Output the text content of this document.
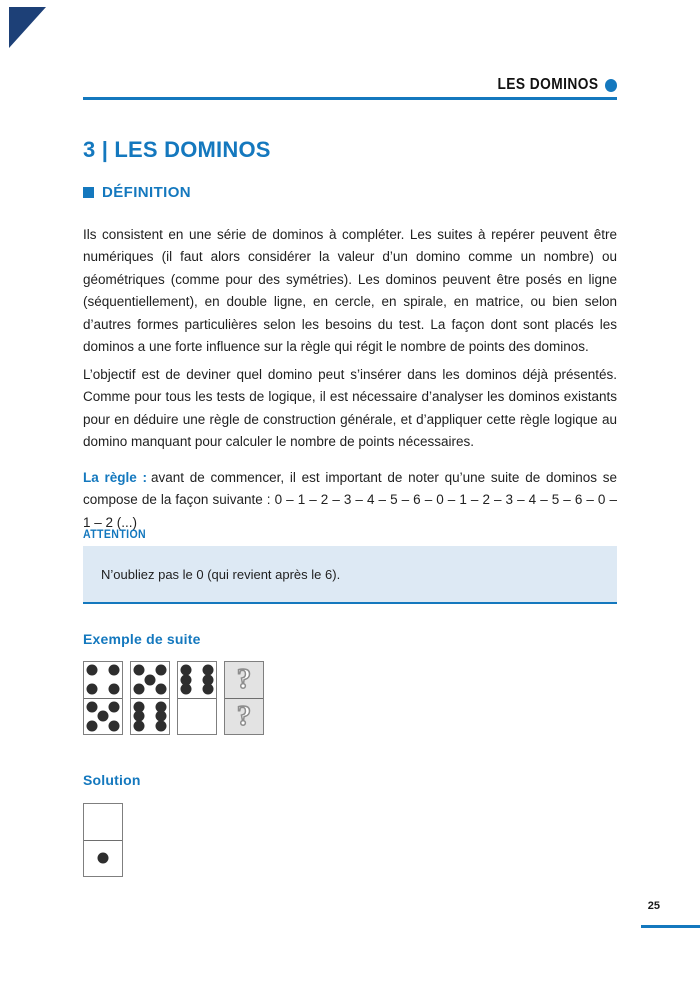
LES DOMINOS
3 | LES DOMINOS
DÉFINITION

Ils consistent en une série de dominos à compléter. Les suites à repérer peuvent être numériques (il faut alors considérer la valeur d’un domino comme un nombre) ou géométriques (comme pour des symétries). Les dominos peuvent être posés en ligne (séquentiellement), en double ligne, en cercle, en spirale, en matrice, ou bien selon d’autres formes particulières selon les besoins du test. La façon dont sont placés les dominos a une forte influence sur la règle qui régit le nombre de points des dominos.

L’objectif est de deviner quel domino peut s’insérer dans les dominos déjà présentés. Comme pour tous les tests de logique, il est nécessaire d’analyser les dominos existants pour en déduire une règle de construction générale, et d’appliquer cette règle logique au domino manquant pour calculer le nombre de points nécessaires.

La règle : avant de commencer, il est important de noter qu’une suite de dominos se compose de la façon suivante : 0 – 1 – 2 – 3 – 4 – 5 – 6 – 0 – 1 – 2 – 3 – 4 – 5 – 6 – 0 – 1 – 2 (...)

ATTENTION

N’oubliez pas le 0 (qui revient après le 6).

Exemple de suite
?
?
Solution
25
